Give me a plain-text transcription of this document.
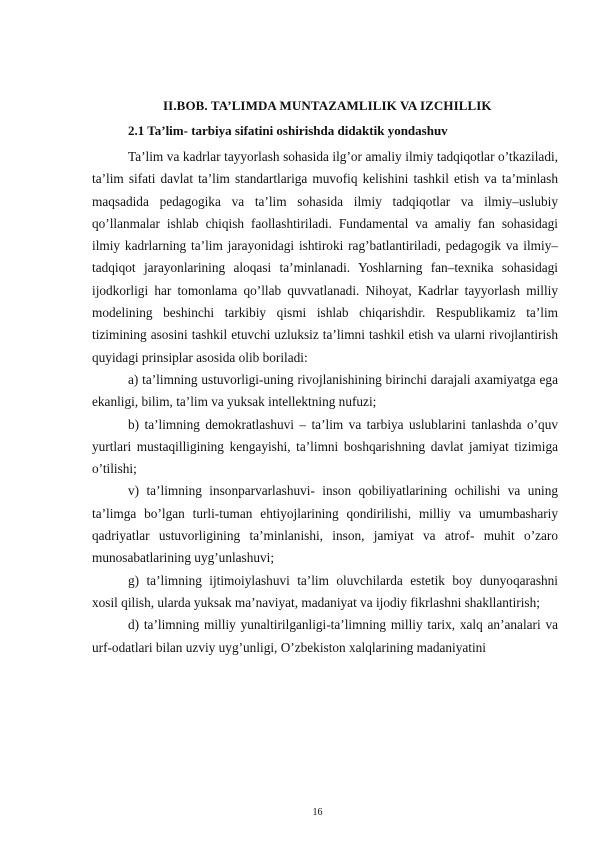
II.BOB. TA’LIMDA MUNTAZAMLILIK VA IZCHILLIK
2.1 Ta’lim- tarbiya sifatini oshirishda didaktik yondashuv

Ta’lim va kadrlar tayyorlash sohasida ilg’or amaliy ilmiy tadqiqotlar o’tkaziladi, ta’lim sifati davlat ta’lim standartlariga muvofiq kelishini tashkil etish va ta’minlash maqsadida pedagogika va ta’lim sohasida ilmiy tadqiqotlar va ilmiy–uslubiy qo’llanmalar ishlab chiqish faollashtiriladi. Fundamental va amaliy fan sohasidagi ilmiy kadrlarning ta’lim jarayonidagi ishtiroki rag’batlantiriladi, pedagogik va ilmiy–tadqiqot jarayonlarining aloqasi ta’minlanadi. Yoshlarning fan–texnika sohasidagi ijodkorligi har tomonlama qo’llab quvvatlanadi. Nihoyat, Kadrlar tayyorlash milliy modelining beshinchi tarkibiy qismi ishlab chiqarishdir. Respublikamiz ta’lim tizimining asosini tashkil etuvchi uzluksiz ta’limni tashkil etish va ularni rivojlantirish quyidagi prinsiplar asosida olib boriladi:

a) ta’limning ustuvorligi-uning rivojlanishining birinchi darajali axamiyatga ega ekanligi, bilim, ta’lim va yuksak intellektning nufuzi;

b) ta’limning demokratlashuvi – ta’lim va tarbiya uslublarini tanlashda o’quv yurtlari mustaqilligining kengayishi, ta’limni boshqarishning davlat jamiyat tizimiga o’tilishi;

v) ta’limning insonparvarlashuvi- inson qobiliyatlarining ochilishi va uning ta’limga bo’lgan turli-tuman ehtiyojlarining qondirilishi, milliy va umumbashariy qadriyatlar ustuvorligining ta’minlanishi, inson, jamiyat va atrof- muhit o’zaro munosabatlarining uyg’unlashuvi;

g) ta’limning ijtimoiylashuvi ta’lim oluvchilarda estetik boy dunyoqarashni xosil qilish, ularda yuksak ma’naviyat, madaniyat va ijodiy fikrlashni shakllantirish;

d) ta’limning milliy yunaltirilganligi-ta’limning milliy tarix, xalq an’analari va urf-odatlari bilan uzviy uyg’unligi, O’zbekiston xalqlarining madaniyatini

16
